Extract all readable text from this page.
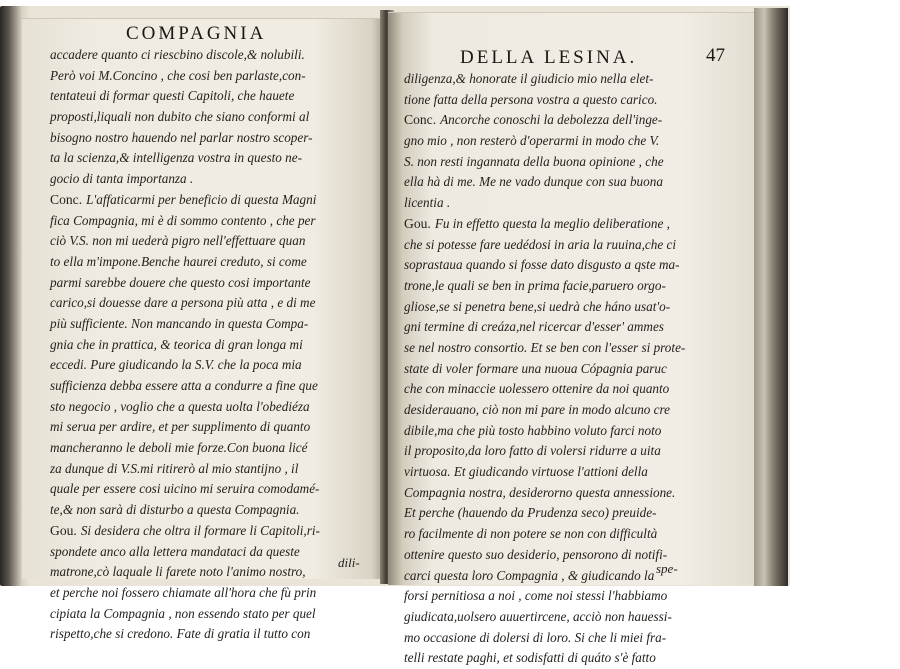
COMPAGNIA
accadere quanto ci riescbino discole,& nolubili.
Però voi M.Concino , che cosi ben parlaste,con-
tentateui di formar questi Capitoli, che hauete
proposti,liquali non dubito che siano conformi al
bisogno nostro hauendo nel parlar nostro scoper-
ta la scienza,& intelligenza vostra in questo ne-
gocio di tanta importanza .
Conc. L'affaticarmi per beneficio di questa Magni
fica Compagnia, mi è di sommo contento , che per
ciò V.S. non mi uederà pigro nell'effettuare quan
to ella m'impone.Benche haurei creduto, si come
parmi sarebbe douere che questo cosi importante
carico,si douesse dare a persona più atta , e di me
più sufficiente. Non mancando in questa Compa-
gnia che in prattica, & teorica di gran longa mi
eccedi. Pure giudicando la S.V. che la poca mia
sufficienza debba essere atta a condurre a fine que
sto negocio , voglio che a questa uolta l'obediéza
mi serua per ardire, et per supplimento di quanto
mancheranno le deboli mie forze.Con buona licé
za dunque di V.S.mi ritirerò al mio stantijno , il
quale per essere cosi uicino mi seruira comodamé-
te,& non sarà di disturbo a questa Compagnia.
Gou. Si desidera che oltra il formare li Capitoli,ri-
spondete anco alla lettera mandataci da queste
matrone,cò laquale li farete noto l'animo nostro,
et perche noi fossero chiamate all'hora che fù prin
cipiata la Compagnia , non essendo stato per quel
rispetto,che si credono. Fate di gratia il tutto con

dili-

DELLA LESINA.	47

diligenza,& honorate il giudicio mio nella elet-
tione fatta della persona vostra a questo carico.
Conc. Ancorche conoschi la debolezza dell'inge-
gno mio , non resterò d'operarmi in modo che V.
S. non resti ingannata della buona opinione , che
ella hà di me. Me ne vado dunque con sua buona
licentia .
Gou. Fu in effetto questa la meglio deliberatione ,
che si potesse fare uedédosi in aria la ruuina,che ci
soprastaua quando si fosse dato disgusto a qste ma-
trone,le quali se ben in prima facie,paruero orgo-
gliose,se si penetra bene,si uedrà che háno usat'o-
gni termine di creáza,nel ricercar d'esser' ammes
se nel nostro consortio. Et se ben con l'esser si prote-
state di voler formare una nuoua Cópagnia paruc
che con minaccie uolessero ottenire da noi quanto
desiderauano, ciò non mi pare in modo alcuno cre
dibile,ma che più tosto habbino voluto farci noto
il proposito,da loro fatto di volersi ridurre a uita
virtuosa. Et giudicando virtuose l'attioni della
Compagnia nostra, desiderorno questa annessione.
Et perche (hauendo da Prudenza seco) preuide-
ro facilmente di non potere se non con difficultà
ottenire questo suo desiderio, pensorono di notifi-
carci questa loro Compagnia , & giudicando la
forsi pernitiosa a noi , come noi stessi l'habbiamo
giudicata,uolsero auuertircene, acciò non hauessi-
mo occasione di dolersi di loro. Si che li miei fra-
telli restate paghi, et sodisfatti di quáto s'è fatto

spe-
